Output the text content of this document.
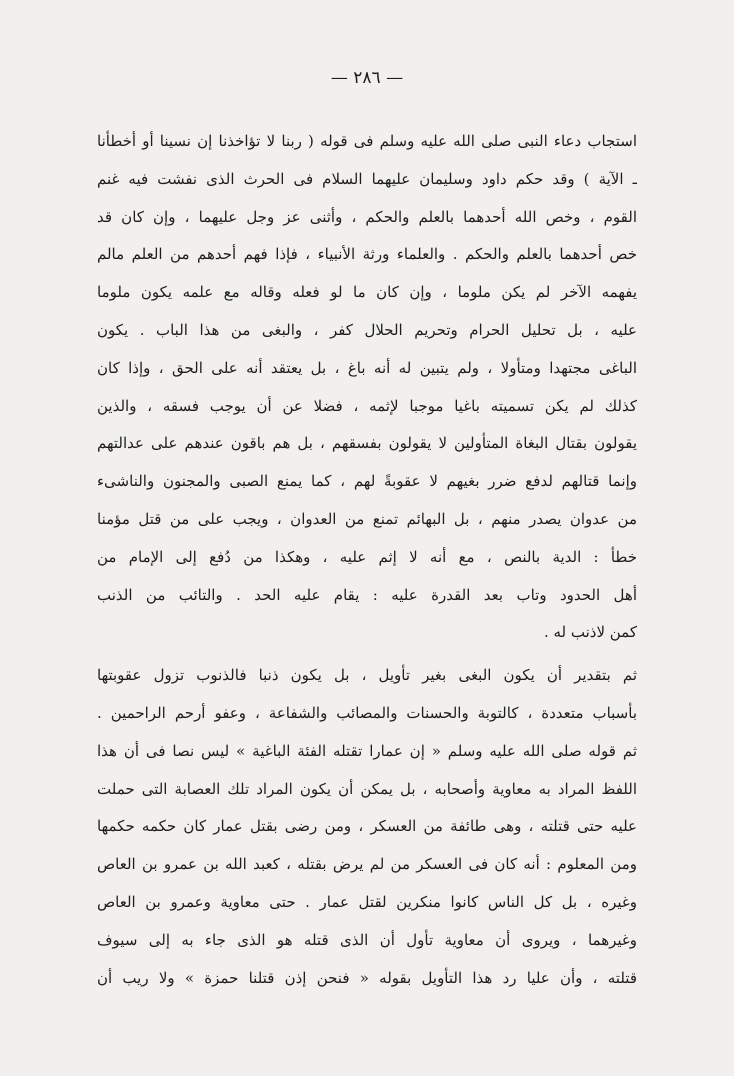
— ٢٨٦ —
استجاب دعاء النبى صلى الله عليه وسلم فى قوله ( ربنا لا تؤاخذنا إن نسينا أو أخطأنا
ـ الآية ) وقد حكم داود وسليمان عليهما السلام فى الحرث الذى نفشت فيه غنم
القوم ، وخص الله أحدهما بالعلم والحكم ، وأثنى عز وجل عليهما ، وإن كان قد
خص أحدهما بالعلم والحكم . والعلماء ورثة الأنبياء ، فإذا فهم أحدهم من العلم مالم
يفهمه الآخر لم يكن ملوما ، وإن كان ما لو فعله وقاله مع علمه يكون ملوما
عليه ، بل تحليل الحرام وتحريم الحلال كفر ، والبغى من هذا الباب . يكون
الباغى مجتهدا ومتأولا ، ولم يتبين له أنه باغ ، بل يعتقد أنه على الحق ، وإذا كان
كذلك لم يكن تسميته باغيا موجبا لإثمه ، فضلا عن أن يوجب فسقه ، والذين
يقولون بقتال البغاة المتأولين لا يقولون بفسقهم ، بل هم باقون عندهم على عدالتهم
وإنما قتالهم لدفع ضرر بغيهم لا عقوبةً لهم ، كما يمنع الصبى والمجنون والناشىء
من عدوان يصدر منهم ، بل البهائم تمنع من العدوان ، ويجب على من قتل مؤمنا
خطأ : الدية بالنص ، مع أنه لا إثم عليه ، وهكذا من دُفع إلى الإمام من
أهل الحدود وتاب بعد القدرة عليه : يقام عليه الحد . والتائب من الذنب
كمن لاذنب له .
ثم بتقدير أن يكون البغى بغير تأويل ، بل يكون ذنبا فالذنوب تزول عقوبتها
بأسباب متعددة ، كالتوبة والحسنات والمصائب والشفاعة ، وعفو أرحم الراحمين .
ثم قوله صلى الله عليه وسلم « إن عمارا تقتله الفئة الباغية » ليس نصا فى أن هذا
اللفظ المراد به معاوية وأصحابه ، بل يمكن أن يكون المراد تلك العصابة التى حملت
عليه حتى قتلته ، وهى طائفة من العسكر ، ومن رضى بقتل عمار كان حكمه حكمها
ومن المعلوم : أنه كان فى العسكر من لم يرض بقتله ، كعبد الله بن عمرو بن العاص
وغيره ، بل كل الناس كانوا منكرين لقتل عمار . حتى معاوية وعمرو بن العاص
وغيرهما ، ويروى أن معاوية تأول أن الذى قتله هو الذى جاء به إلى سيوف
قتلته ، وأن عليا رد هذا التأويل بقوله « فنحن إذن قتلنا حمزة » ولا ريب أن
